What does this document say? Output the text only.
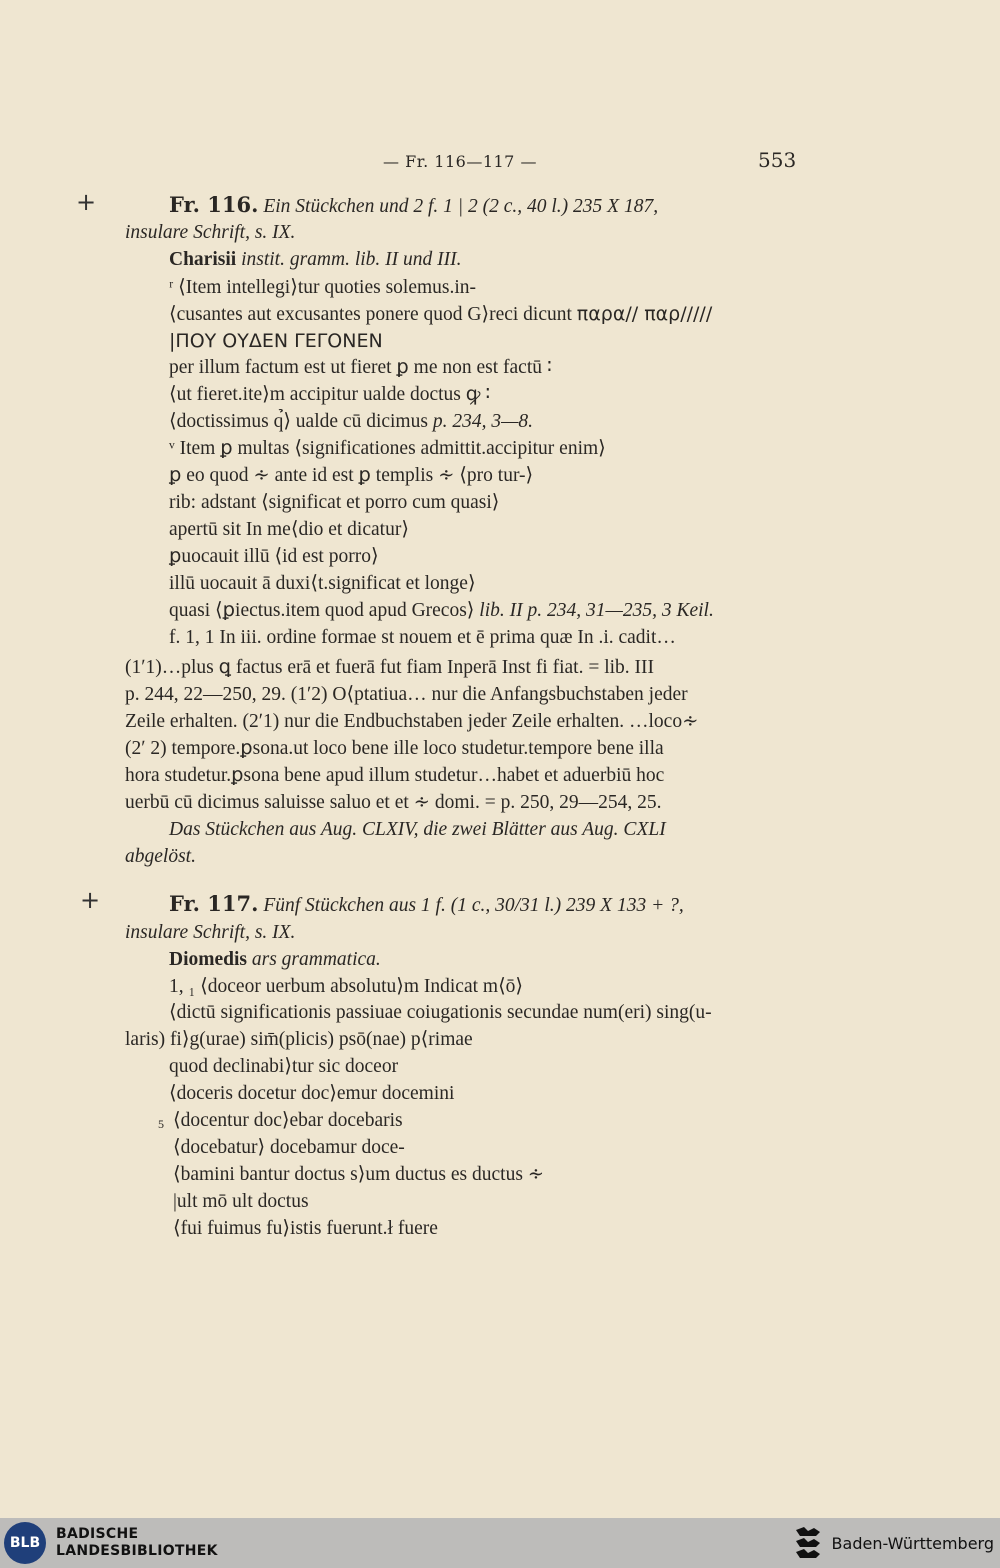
— Fr. 116—117 —	553
+
+
Fr. 116. Ein Stückchen und 2 f. 1 | 2 (2 c., 40 l.) 235 X 187,
insulare Schrift, s. IX.
Charisii instit. gramm. lib. II und III.
ʳ ⟨Item intellegi⟩tur quoties solemus.in-
⟨cusantes aut excusantes ponere quod G⟩reci dicunt παρα// παρ/////
|ΠΟΥ ΟΥΔΕΝ ΓΕΓΟΝΕΝ
per illum factum est ut fieret ꝑ me non est factū ∶
⟨ut fieret.ite⟩m accipitur ualde doctus ꝙ ∶
⟨doctissimus q̉⟩ ualde cū dicimus p. 234, 3—8.
ᵛ Item ꝑ multas ⟨significationes admittit.accipitur enim⟩
ꝑ eo quod ∻ ante id est ꝑ templis ∻ ⟨pro tur-⟩
rib: adstant ⟨significat et porro cum quasi⟩
apertū sit In me⟨dio et dicatur⟩
ꝑuocauit illū ⟨id est porro⟩
illū uocauit ā duxi⟨t.significat et longe⟩
quasi ⟨ꝑiectus.item quod apud Grecos⟩ lib. II p. 234, 31—235, 3 Keil.
f. 1, 1 In iii. ordine formae st nouem et ē prima quæ In .i. cadit…
(1ʹ1)…plus ꝗ factus erā et fuerā fut fiam Inperā Inst fi fiat. = lib. III
p. 244, 22—250, 29. (1ʹ2) O⟨ptatiua… nur die Anfangsbuchstaben jeder
Zeile erhalten. (2ʹ1) nur die Endbuchstaben jeder Zeile erhalten. …loco∻
(2ʹ 2) tempore.ꝑsona.ut loco bene ille loco studetur.tempore bene illa
hora studetur.ꝑsona bene apud illum studetur…habet et aduerbiū hoc
uerbū cū dicimus saluisse saluo et et ∻ domi. = p. 250, 29—254, 25.
Das Stückchen aus Aug. CLXIV, die zwei Blätter aus Aug. CXLI
abgelöst.
Fr. 117. Fünf Stückchen aus 1 f. (1 c., 30/31 l.) 239 X 133 + ?,
insulare Schrift, s. IX.
Diomedis ars grammatica.
1, ₁ ⟨doceor uerbum absolutu⟩m Indicat m⟨ō⟩
⟨dictū significationis passiuae coiugationis secundae num(eri) sing(u-
laris) fi⟩g(urae) sim̄(plicis) psō(nae) p⟨rimae
quod declinabi⟩tur sic doceor
⟨doceris docetur doc⟩emur docemini
5 ⟨docentur doc⟩ebar docebaris
⟨docebatur⟩ docebamur doce-
⟨bamini bantur doctus s⟩um ductus es ductus ∻
|ult mō ult doctus
⟨fui fuimus fu⟩istis fuerunt.ł fuere
BLB
BADISCHE
LANDESBIBLIOTHEK	Baden-Württemberg
